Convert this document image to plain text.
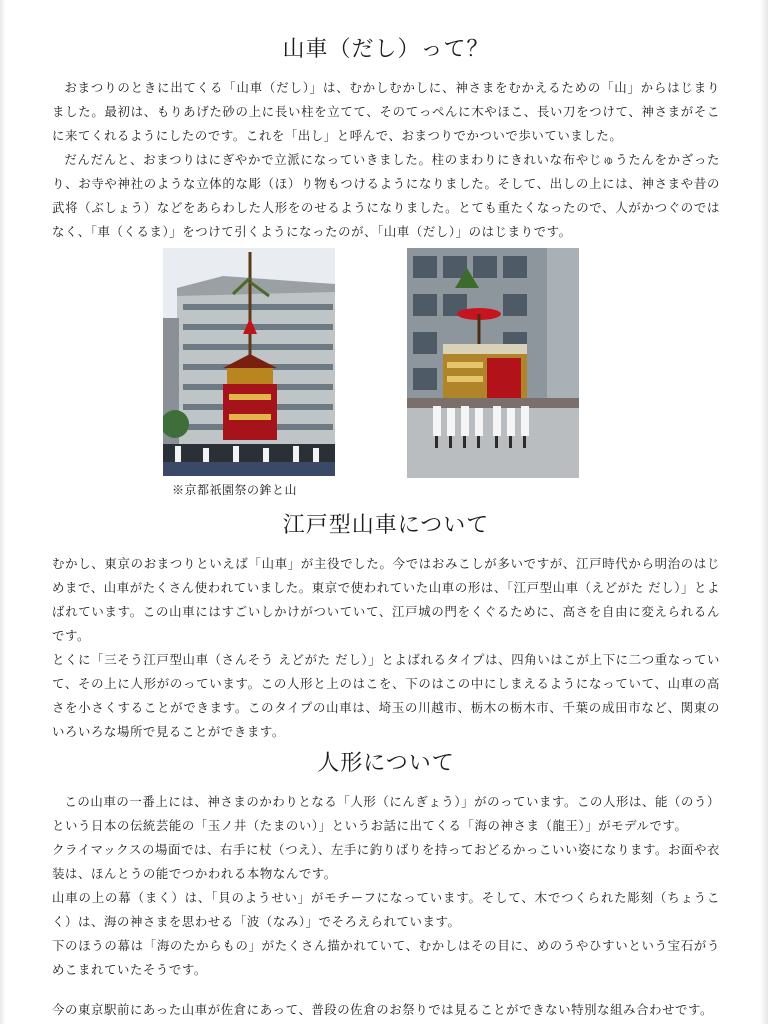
山車（だし）って？

おまつりのときに出てくる「山車（だし）」は、むかしむかしに、神さまをむかえるための「山」からはじまりました。最初は、もりあげた砂の上に長い柱を立てて、そのてっぺんに木やほこ、長い刀をつけて、神さまがそこに来てくれるようにしたのです。これを「出し」と呼んで、おまつりでかついで歩いていました。

だんだんと、おまつりはにぎやかで立派になっていきました。柱のまわりにきれいな布やじゅうたんをかざったり、お寺や神社のような立体的な彫（ほ）り物もつけるようになりました。そして、出しの上には、神さまや昔の武将（ぶしょう）などをあらわした人形をのせるようになりました。とても重たくなったので、人がかつぐのではなく、「車（くるま）」をつけて引くようになったのが、「山車（だし）」のはじまりです。

※京都祇園祭の鉾と山
江戸型山車について

むかし、東京のおまつりといえば「山車」が主役でした。今ではおみこしが多いですが、江戸時代から明治のはじめまで、山車がたくさん使われていました。東京で使われていた山車の形は、「江戸型山車（えどがた だし）」とよばれています。この山車にはすごいしかけがついていて、江戸城の門をくぐるために、高さを自由に変えられるんです。

とくに「三そう江戸型山車（さんそう えどがた だし）」とよばれるタイプは、四角いはこが上下に二つ重なっていて、その上に人形がのっています。この人形と上のはこを、下のはこの中にしまえるようになっていて、山車の高さを小さくすることができます。このタイプの山車は、埼玉の川越市、栃木の栃木市、千葉の成田市など、関東のいろいろな場所で見ることができます。

人形について

この山車の一番上には、神さまのかわりとなる「人形（にんぎょう）」がのっています。この人形は、能（のう）という日本の伝統芸能の「玉ノ井（たまのい）」というお話に出てくる「海の神さま（龍王）」がモデルです。

クライマックスの場面では、右手に杖（つえ）、左手に釣りばりを持っておどるかっこいい姿になります。お面や衣装は、ほんとうの能でつかわれる本物なんです。

山車の上の幕（まく）は、「貝のようせい」がモチーフになっています。そして、木でつくられた彫刻（ちょうこく）は、海の神さまを思わせる「波（なみ）」でそろえられています。

下のほうの幕は「海のたからもの」がたくさん描かれていて、むかしはその目に、めのうやひすいという宝石がうめこまれていたそうです。

今の東京駅前にあった山車が佐倉にあって、普段の佐倉のお祭りでは見ることができない特別な組み合わせです。
